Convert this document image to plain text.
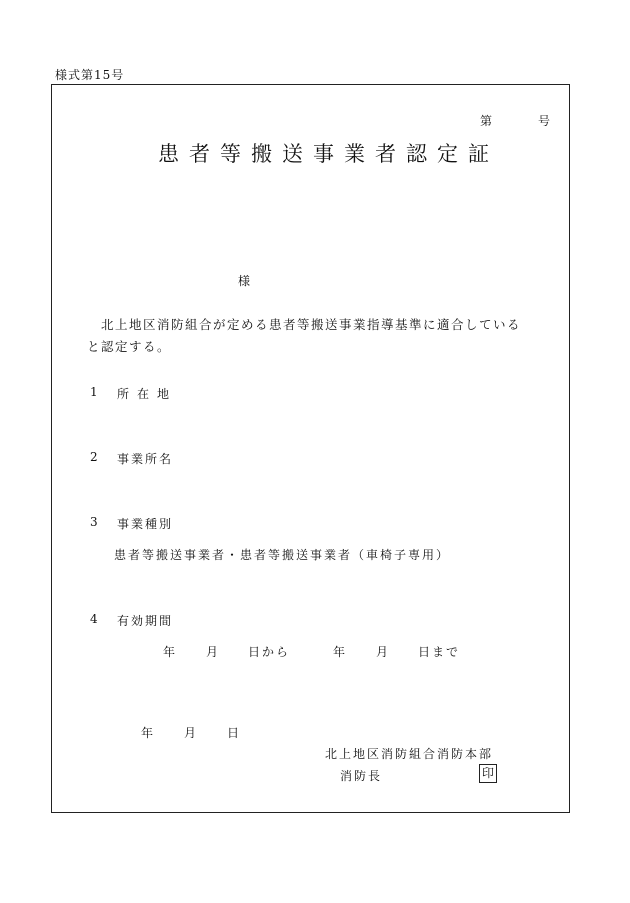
様式第15号
第	号
患者等搬送事業者認定証
様
北上地区消防組合が定める患者等搬送事業指導基準に適合していると認定する。
1 所在地
2 事業所名
3 事業種別
患者等搬送事業者・患者等搬送事業者（車椅子専用）
4 有効期間
年 月 日から	年 月 日まで
年	月	日
北上地区消防組合消防本部
消防長	印
